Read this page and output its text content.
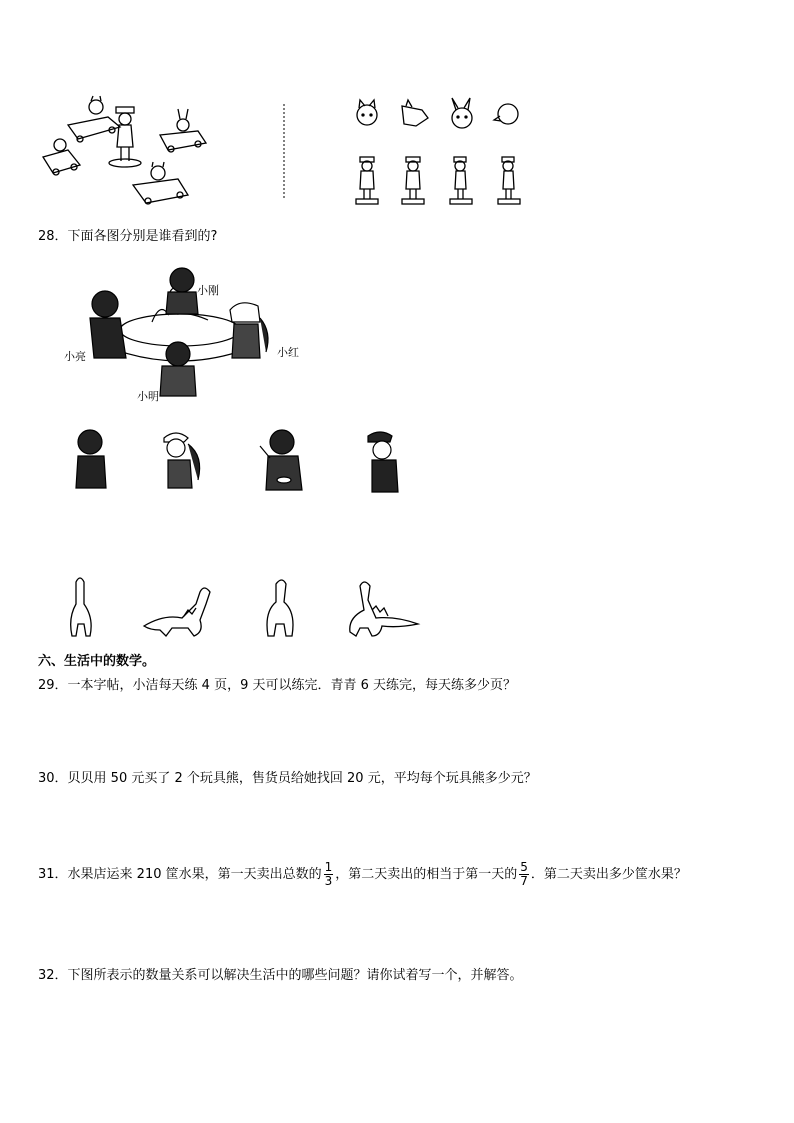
28．下面各图分别是谁看到的?
小刚
小亮	小红
小明
六、生活中的数学。
29．一本字帖，小洁每天练 4 页，9 天可以练完．青青 6 天练完，每天练多少页？
30．贝贝用 50 元买了 2 个玩具熊，售货员给她找回 20 元，平均每个玩具熊多少元？
31．水果店运来 210 筐水果，第一天卖出总数的 $\frac{1}{3}$ ，第二天卖出的相当于第一天的 $\frac{5}{7}$ ．第二天卖出多少筐水果？
32．下图所表示的数量关系可以解决生活中的哪些问题？请你试着写一个，并解答。
